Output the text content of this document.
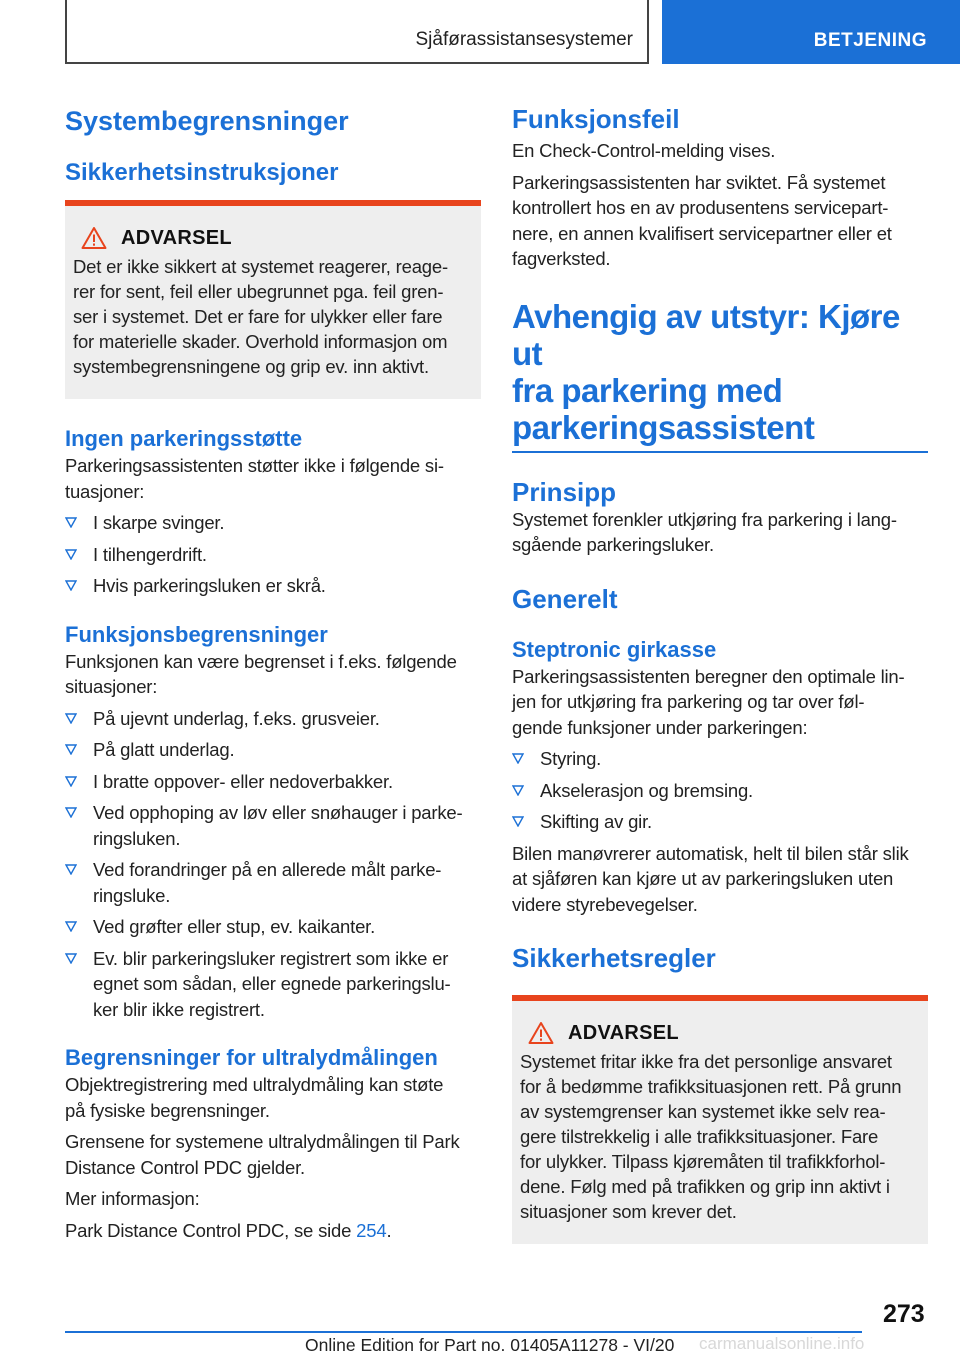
Sjåførassistansesystemer	BETJENING
Systembegrensninger
Sikkerhetsinstruksjoner
ADVARSEL

Det er ikke sikkert at systemet reagerer, reage-
rer for sent, feil eller ubegrunnet pga. feil gren-
ser i systemet. Det er fare for ulykker eller fare
for materielle skader. Overhold informasjon om
systembegrensningene og grip ev. inn aktivt.

Ingen parkeringsstøtte

Parkeringsassistenten støtter ikke i følgende si-
tuasjoner:

I skarpe svinger.
I tilhengerdrift.
Hvis parkeringsluken er skrå.
Funksjonsbegrensninger

Funksjonen kan være begrenset i f.eks. følgende
situasjoner:

På ujevnt underlag, f.eks. grusveier.
På glatt underlag.
I bratte oppover- eller nedoverbakker.
Ved opphoping av løv eller snøhauger i parke-
ringsluken.
Ved forandringer på en allerede målt parke-
ringsluke.
Ved grøfter eller stup, ev. kaikanter.
Ev. blir parkeringsluker registrert som ikke er
egnet som sådan, eller egnede parkeringslu-
ker blir ikke registrert.
Begrensninger for ultralydmålingen

Objektregistrering med ultralydmåling kan støte
på fysiske begrensninger.

Grensene for systemene ultralydmålingen til Park
Distance Control PDC gjelder.

Mer informasjon:

Park Distance Control PDC, se side 254.

Funksjonsfeil

En Check-Control-melding vises.

Parkeringsassistenten har sviktet. Få systemet
kontrollert hos en av produsentens servicepart-
nere, en annen kvalifisert servicepartner eller et
fagverksted.

Avhengig av utstyr: Kjøre ut
fra parkering med
parkeringsassistent
Prinsipp

Systemet forenkler utkjøring fra parkering i lang-
sgående parkeringsluker.

Generelt
Steptronic girkasse

Parkeringsassistenten beregner den optimale lin-
jen for utkjøring fra parkering og tar over føl-
gende funksjoner under parkeringen:

Styring.
Akselerasjon og bremsing.
Skifting av gir.

Bilen manøvrerer automatisk, helt til bilen står slik
at sjåføren kan kjøre ut av parkeringsluken uten
videre styrebevegelser.

Sikkerhetsregler
ADVARSEL

Systemet fritar ikke fra det personlige ansvaret
for å bedømme trafikksituasjonen rett. På grunn
av systemgrenser kan systemet ikke selv rea-
gere tilstrekkelig i alle trafikksituasjoner. Fare
for ulykker. Tilpass kjøremåten til trafikkforhol-
dene. Følg med på trafikken og grip inn aktivt i
situasjoner som krever det.

273
Online Edition for Part no. 01405A11278 - VI/20 carmanualsonline.info
